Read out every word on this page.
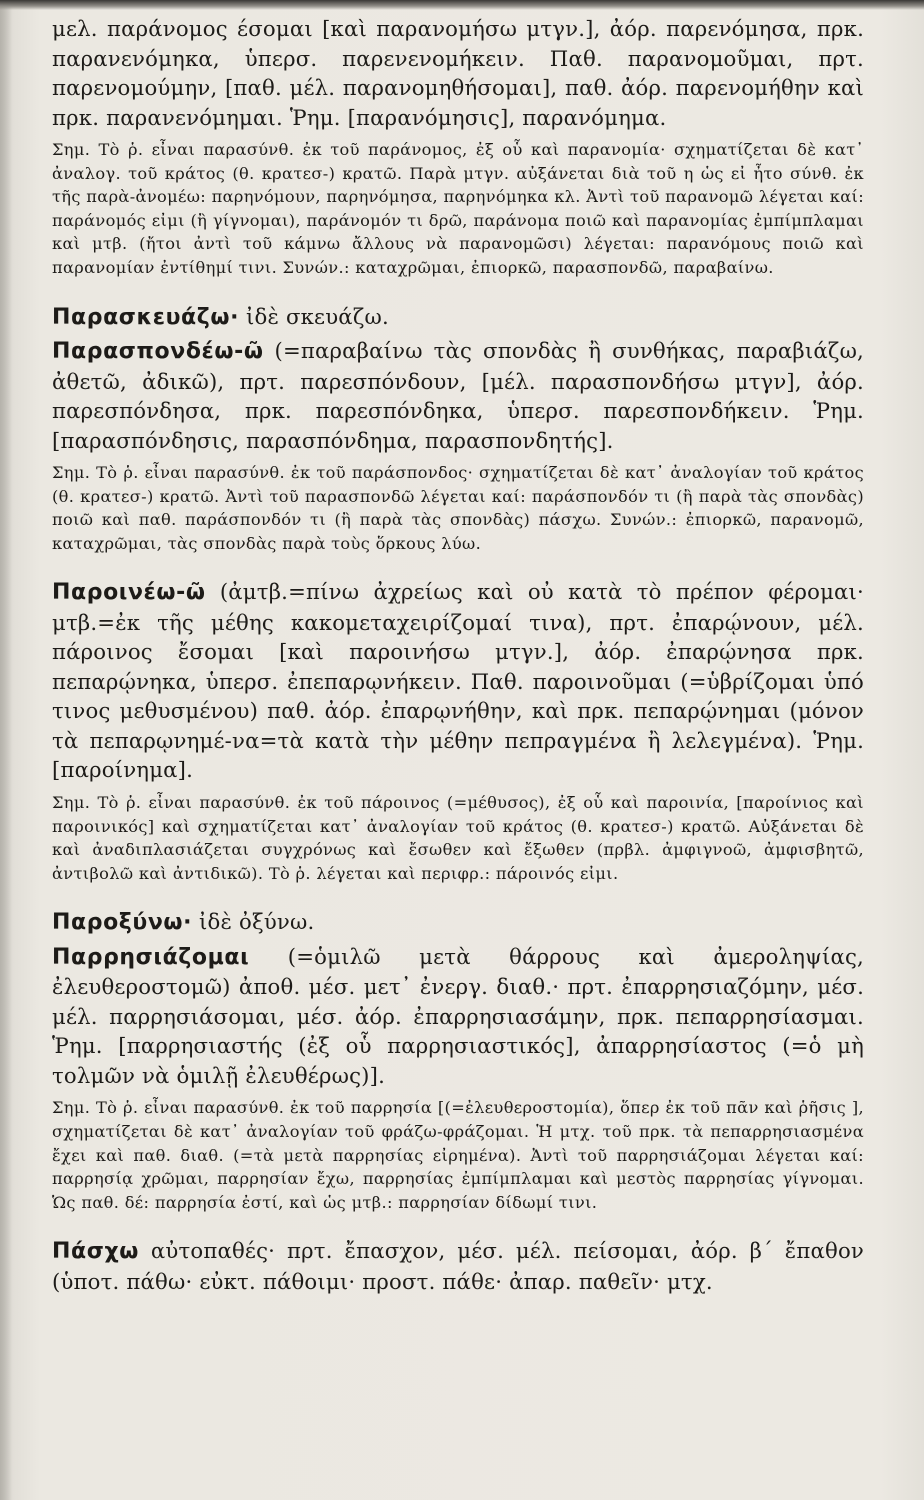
μελ. παράνομος έσομαι [καὶ παρανομήσω μτγν.], ἀόρ. παρενόμησα, πρκ. παρανενόμηκα, ὑπερσ. παρενενομήκειν. Παθ. παρανομοῦμαι, πρτ. παρενομούμην, [παθ. μέλ. παρανομηθήσομαι], παθ. ἀόρ. παρενομήθην καὶ πρκ. παρανενόμημαι. Ῥημ. [παρανόμησις], παρανόμημα.

Σημ. Τὸ ῥ. εἶναι παρασύνθ. ἐκ τοῦ παράνομος, ἐξ οὗ καὶ παρανομία· σχηματίζεται δὲ κατ᾽ ἀναλογ. τοῦ κράτος (θ. κρατεσ-) κρατῶ. Παρὰ μτγν. αὐξάνεται διὰ τοῦ η ὡς εἰ ἦτο σύνθ. ἐκ τῆς παρὰ-ἀνομέω: παρηνόμουν, παρηνόμησα, παρηνόμηκα κλ. Ἀντὶ τοῦ παρανομῶ λέγεται καί: παράνομός εἰμι (ἢ γίγνομαι), παράνομόν τι δρῶ, παράνομα ποιῶ καὶ παρανομίας ἐμπίμπλαμαι καὶ μτβ. (ἤτοι ἀντὶ τοῦ κάμνω ἄλλους νὰ παρανομῶσι) λέγεται: παρανόμους ποιῶ καὶ παρανομίαν ἐντίθημί τινι. Συνών.: καταχρῶμαι, ἐπιορκῶ, παρασπονδῶ, παραβαίνω.

Παρασκευάζω· ἰδὲ σκευάζω.

Παρασπονδέω-ῶ (=παραβαίνω τὰς σπονδὰς ἢ συνθήκας, παραβιάζω, ἀθετῶ, ἀδικῶ), πρτ. παρεσπόνδουν, [μέλ. παρασπονδήσω μτγν], ἀόρ. παρεσπόνδησα, πρκ. παρεσπόνδηκα, ὑπερσ. παρεσπονδήκειν. Ῥημ. [παρασπόνδησις, παρασπόνδημα, παρασπονδητής].

Σημ. Τὸ ῥ. εἶναι παρασύνθ. ἐκ τοῦ παράσπονδος· σχηματίζεται δὲ κατ᾽ ἀναλογίαν τοῦ κράτος (θ. κρατεσ-) κρατῶ. Ἀντὶ τοῦ παρασπονδῶ λέγεται καί: παράσπονδόν τι (ἢ παρὰ τὰς σπονδὰς) ποιῶ καὶ παθ. παράσπονδόν τι (ἢ παρὰ τὰς σπονδὰς) πάσχω. Συνών.: ἐπιορκῶ, παρανομῶ, καταχρῶμαι, τὰς σπονδὰς παρὰ τοὺς ὅρκους λύω.

Παροινέω-ῶ (ἀμτβ.=πίνω ἀχρείως καὶ οὐ κατὰ τὸ πρέπον φέρομαι· μτβ.=ἐκ τῆς μέθης κακομεταχειρίζομαί τινα), πρτ. ἐπαρῴνουν, μέλ. πάροινος ἔσομαι [καὶ παροινήσω μτγν.], ἀόρ. ἐπαρῴνησα πρκ. πεπαρῴνηκα, ὑπερσ. ἐπεπαρῳνήκειν. Παθ. παροινοῦμαι (=ὑβρίζομαι ὑπό τινος μεθυσμένου) παθ. ἀόρ. ἐπαρῳνήθην, καὶ πρκ. πεπαρῴνημαι (μόνον τὰ πεπαρῳνημέ-να=τὰ κατὰ τὴν μέθην πεπραγμένα ἢ λελεγμένα). Ῥημ. [παροίνημα].

Σημ. Τὸ ῥ. εἶναι παρασύνθ. ἐκ τοῦ πάροινος (=μέθυσος), ἐξ οὗ καὶ παροινία, [παροίνιος καὶ παροινικός] καὶ σχηματίζεται κατ᾽ ἀναλογίαν τοῦ κράτος (θ. κρατεσ-) κρατῶ. Αὐξάνεται δὲ καὶ ἀναδιπλασιάζεται συγχρόνως καὶ ἔσωθεν καὶ ἔξωθεν (πρβλ. ἀμφιγνοῶ, ἀμφισβητῶ, ἀντιβολῶ καὶ ἀντιδικῶ). Τὸ ῥ. λέγεται καὶ περιφρ.: πάροινός εἰμι.

Παροξύνω· ἰδὲ ὀξύνω.

Παρρησιάζομαι (=ὁμιλῶ μετὰ θάρρους καὶ ἀμεροληψίας, ἐλευθεροστομῶ) ἀποθ. μέσ. μετ᾽ ἐνεργ. διαθ.· πρτ. ἐπαρρησιαζόμην, μέσ. μέλ. παρρησιάσομαι, μέσ. ἀόρ. ἐπαρρησιασάμην, πρκ. πεπαρρησίασμαι. Ῥημ. [παρρησιαστής (ἐξ οὗ παρρησιαστικός], ἀπαρρησίαστος (=ὁ μὴ τολμῶν νὰ ὁμιλῇ ἐλευθέρως)].

Σημ. Τὸ ῥ. εἶναι παρασύνθ. ἐκ τοῦ παρρησία [(=ἐλευθεροστομία), ὅπερ ἐκ τοῦ πᾶν καὶ ῥῆσις ], σχηματίζεται δὲ κατ᾽ ἀναλογίαν τοῦ φράζω-φράζομαι. Ἡ μτχ. τοῦ πρκ. τὰ πεπαρρησιασμένα ἔχει καὶ παθ. διαθ. (=τὰ μετὰ παρρησίας εἰρημένα). Ἀντὶ τοῦ παρρησιάζομαι λέγεται καί: παρρησίᾳ χρῶμαι, παρρησίαν ἔχω, παρρησίας ἐμπίμπλαμαι καὶ μεστὸς παρρησίας γίγνομαι. Ὡς παθ. δέ: παρρησία ἐστί, καὶ ὡς μτβ.: παρρησίαν δίδωμί τινι.

Πάσχω αὐτοπαθές· πρτ. ἔπασχον, μέσ. μέλ. πείσομαι, ἀόρ. β´ ἔπαθον (ὑποτ. πάθω· εὐκτ. πάθοιμι· προστ. πάθε· ἀπαρ. παθεῖν· μτχ.
